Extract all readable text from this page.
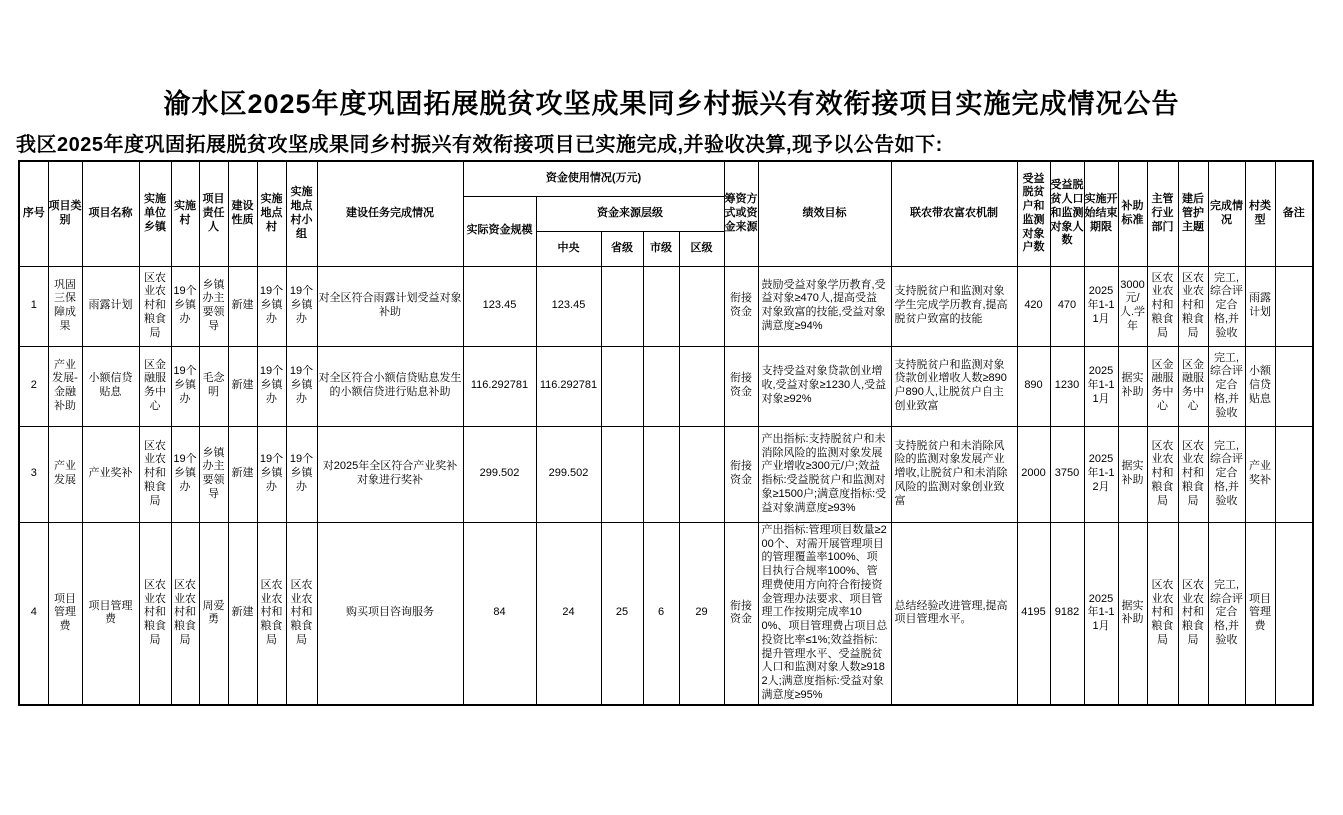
渝水区2025年度巩固拓展脱贫攻坚成果同乡村振兴有效衔接项目实施完成情况公告
我区2025年度巩固拓展脱贫攻坚成果同乡村振兴有效衔接项目已实施完成,并验收决算,现予以公告如下:
序号	项目类别	项目名称	实施单位乡镇	实施村	项目责任人	建设性质	实施地点村	实施地点村小组	建设任务完成情况	资金使用情况(万元)					筹资方式或资金来源	绩效目标	联农带农富农机制	受益脱贫户和监测对象户数	受益脱贫人口和监测对象人数	实施开始结束期限	补助标准	主管行业部门	建后管护主题	完成情况	村类型	备注
										实际资金规模	资金来源层级															
											中央	省级	市级	区级												
1	巩固三保障成果	雨露计划	区农业农村和粮食局	19个乡镇办	乡镇办主要领导	新建	19个乡镇办	19个乡镇办	对全区符合雨露计划受益对象补助	123.45	123.45				衔接资金	鼓励受益对象学历教育,受益对象≥470人,提高受益对象致富的技能,受益对象满意度≥94%	支持脱贫户和监测对象学生完成学历教育,提高脱贫户致富的技能	420	470	2025年1-11月	3000元/人.学年	区农业农村和粮食局	区农业农村和粮食局	完工,综合评定合格,并验收	雨露计划	
2	产业发展-金融补助	小额信贷贴息	区金融服务中心	19个乡镇办	毛念明	新建	19个乡镇办	19个乡镇办	对全区符合小额信贷贴息发生的小额信贷进行贴息补助	116.292781	116.292781				衔接资金	支持受益对象贷款创业增收,受益对象≥1230人,受益对象≥92%	支持脱贫户和监测对象贷款创业增收人数≥890户890人,让脱贫户自主创业致富	890	1230	2025年1-11月	据实补助	区金融服务中心	区金融服务中心	完工,综合评定合格,并验收	小额信贷贴息	
3	产业发展	产业奖补	区农业农村和粮食局	19个乡镇办	乡镇办主要领导	新建	19个乡镇办	19个乡镇办	对2025年全区符合产业奖补对象进行奖补	299.502	299.502				衔接资金	产出指标:支持脱贫户和未消除风险的监测对象发展产业增收≥300元/户;效益指标:受益脱贫户和监测对象≥1500户;满意度指标:受益对象满意度≥93%	支持脱贫户和未消除风险的监测对象发展产业增收,让脱贫户和未消除风险的监测对象创业致富	2000	3750	2025年1-12月	据实补助	区农业农村和粮食局	区农业农村和粮食局	完工,综合评定合格,并验收	产业奖补	
4	项目管理费	项目管理费	区农业农村和粮食局	区农业农村和粮食局	周爱勇	新建	区农业农村和粮食局	区农业农村和粮食局	购买项目咨询服务	84	24	25	6	29	衔接资金	产出指标:管理项目数量≥200个、对需开展管理项目的管理覆盖率100%、项目执行合规率100%、管理费使用方向符合衔接资金管理办法要求、项目管理工作按期完成率100%、项目管理费占项目总投资比率≤1%;效益指标:提升管理水平、受益脱贫人口和监测对象人数≥9182人;满意度指标:受益对象满意度≥95%	总结经验改进管理,提高项目管理水平。	4195	9182	2025年1-11月	据实补助	区农业农村和粮食局	区农业农村和粮食局	完工,综合评定合格,并验收	项目管理费	
